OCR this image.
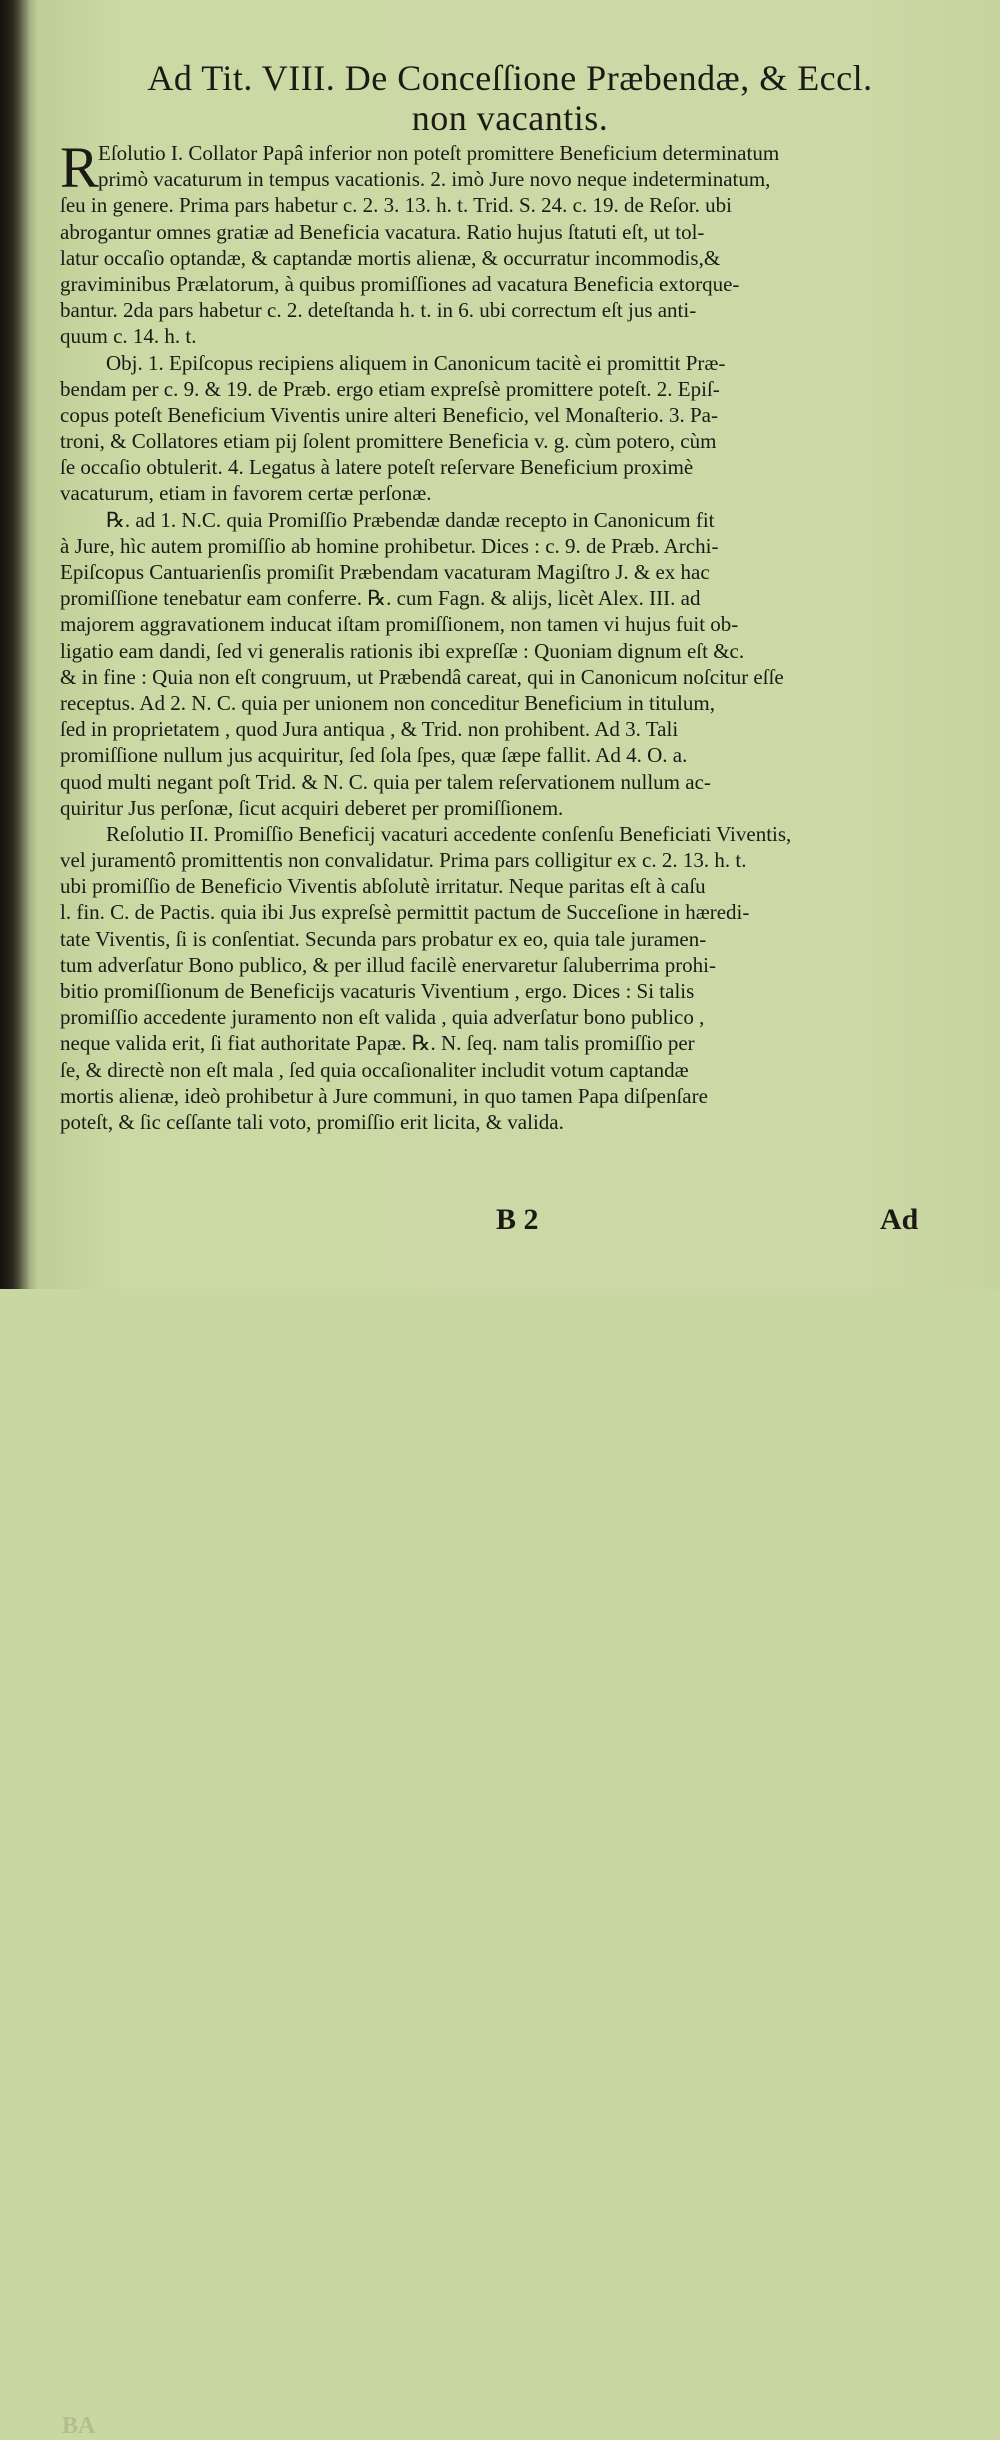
Ad Tit. VIII. De Conceſſione Præbendæ, & Eccl.
non vacantis.
R Eſolutio I. Collator Papâ inferior non poteſt promittere Beneficium determinatum
primò vacaturum in tempus vacationis. 2. imò Jure novo neque indeterminatum,
ſeu in genere. Prima pars habetur c. 2. 3. 13. h. t. Trid. S. 24. c. 19. de Reſor. ubi
abrogantur omnes gratiæ ad Beneficia vacatura. Ratio hujus ſtatuti eſt, ut tol-
latur occaſio optandæ, & captandæ mortis alienæ, & occurratur incommodis,&
graviminibus Prælatorum, à quibus promiſſiones ad vacatura Beneficia extorque-
bantur. 2da pars habetur c. 2. deteſtanda h. t. in 6. ubi correctum eſt jus anti-
quum c. 14. h. t.
Obj. 1. Epiſcopus recipiens aliquem in Canonicum tacitè ei promittit Præ-
bendam per c. 9. & 19. de Præb. ergo etiam expreſsè promittere poteſt. 2. Epiſ-
copus poteſt Beneficium Viventis unire alteri Beneficio, vel Monaſterio. 3. Pa-
troni, & Collatores etiam pij ſolent promittere Beneficia v. g. cùm potero, cùm
ſe occaſio obtulerit. 4. Legatus à latere poteſt reſervare Beneficium proximè
vacaturum, etiam in favorem certæ perſonæ.
℞. ad 1. N.C. quia Promiſſio Præbendæ dandæ recepto in Canonicum fit
à Jure, hìc autem promiſſio ab homine prohibetur. Dices : c. 9. de Præb. Archi-
Epiſcopus Cantuarienſis promiſit Præbendam vacaturam Magiſtro J. & ex hac
promiſſione tenebatur eam conferre. ℞. cum Fagn. & alijs, licèt Alex. III. ad
majorem aggravationem inducat iſtam promiſſionem, non tamen vi hujus fuit ob-
ligatio eam dandi, ſed vi generalis rationis ibi expreſſæ : Quoniam dignum eſt &c.
& in fine : Quia non eſt congruum, ut Præbendâ careat, qui in Canonicum noſcitur eſſe
receptus. Ad 2. N. C. quia per unionem non conceditur Beneficium in titulum,
ſed in proprietatem , quod Jura antiqua , & Trid. non prohibent. Ad 3. Tali
promiſſione nullum jus acquiritur, ſed ſola ſpes, quæ ſæpe fallit. Ad 4. O. a.
quod multi negant poſt Trid. & N. C. quia per talem reſervationem nullum ac-
quiritur Jus perſonæ, ſicut acquiri deberet per promiſſionem.
Reſolutio II. Promiſſio Beneficij vacaturi accedente conſenſu Beneficiati Viventis,
vel juramentô promittentis non convalidatur. Prima pars colligitur ex c. 2. 13. h. t.
ubi promiſſio de Beneficio Viventis abſolutè irritatur. Neque paritas eſt à caſu
l. fin. C. de Pactis. quia ibi Jus expreſsè permittit pactum de Succeſione in hæredi-
tate Viventis, ſi is conſentiat. Secunda pars probatur ex eo, quia tale juramen-
tum adverſatur Bono publico, & per illud facilè enervaretur ſaluberrima prohi-
bitio promiſſionum de Beneficijs vacaturis Viventium , ergo. Dices : Si talis
promiſſio accedente juramento non eſt valida , quia adverſatur bono publico ,
neque valida erit, ſi fiat authoritate Papæ. ℞. N. ſeq. nam talis promiſſio per
ſe, & directè non eſt mala , ſed quia occaſionaliter includit votum captandæ
mortis alienæ, ideò prohibetur à Jure communi, in quo tamen Papa diſpenſare
poteſt, & ſic ceſſante tali voto, promiſſio erit licita, & valida.
BA
B 2	Ad
